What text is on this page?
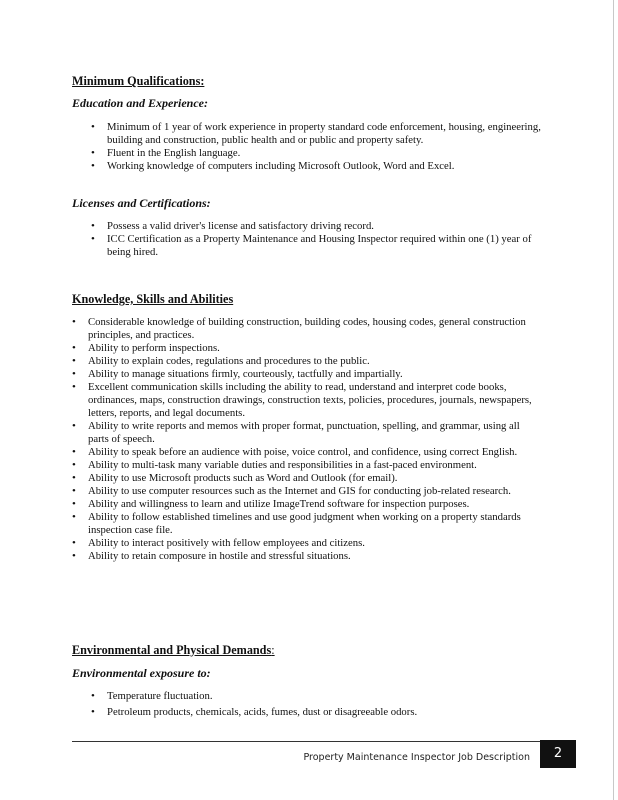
Minimum Qualifications:
Education and Experience:
• Minimum of 1 year of work experience in property standard code enforcement, housing, engineering, building and construction, public health and or public and property safety.
• Fluent in the English language.
• Working knowledge of computers including Microsoft Outlook, Word and Excel.
Licenses and Certifications:
• Possess a valid driver's license and satisfactory driving record.
• ICC Certification as a Property Maintenance and Housing Inspector required within one (1) year of being hired.
Knowledge, Skills and Abilities
• Considerable knowledge of building construction, building codes, housing codes, general construction principles, and practices.
• Ability to perform inspections.
• Ability to explain codes, regulations and procedures to the public.
• Ability to manage situations firmly, courteously, tactfully and impartially.
• Excellent communication skills including the ability to read, understand and interpret code books, ordinances, maps, construction drawings, construction texts, policies, procedures, journals, newspapers, letters, reports, and legal documents.
• Ability to write reports and memos with proper format, punctuation, spelling, and grammar, using all parts of speech.
• Ability to speak before an audience with poise, voice control, and confidence, using correct English.
• Ability to multi-task many variable duties and responsibilities in a fast-paced environment.
• Ability to use Microsoft products such as Word and Outlook (for email).
• Ability to use computer resources such as the Internet and GIS for conducting job-related research.
• Ability and willingness to learn and utilize ImageTrend software for inspection purposes.
• Ability to follow established timelines and use good judgment when working on a property standards inspection case file.
• Ability to interact positively with fellow employees and citizens.
• Ability to retain composure in hostile and stressful situations.
Environmental and Physical Demands:
Environmental exposure to:
• Temperature fluctuation.
• Petroleum products, chemicals, acids, fumes, dust or disagreeable odors.
Property Maintenance Inspector Job Description	2
